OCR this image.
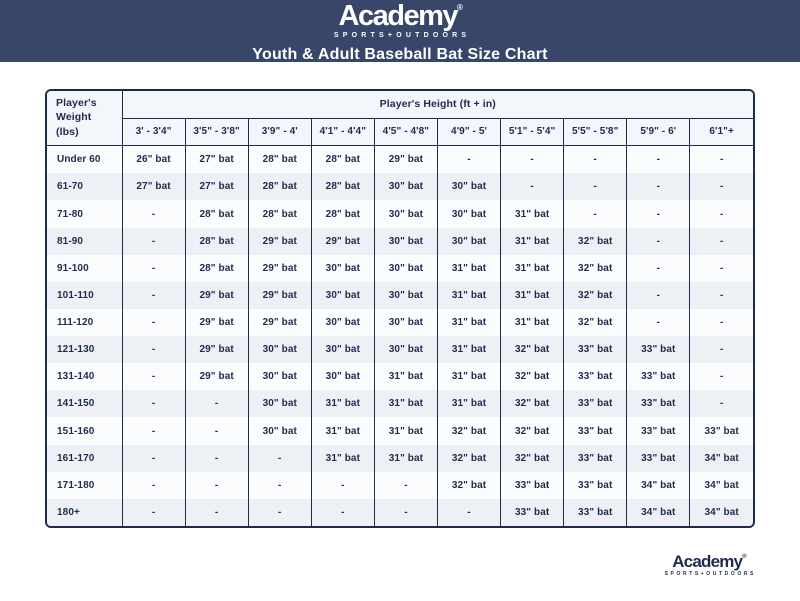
Academy®
SPORTS+OUTDOORS
Youth & Adult Baseball Bat Size Chart
Player's Weight (lbs)	Player's Height (ft + in)									
	3' - 3'4"	3'5" - 3'8"	3'9" - 4'	4'1" - 4'4"	4'5" - 4'8"	4'9" - 5'	5'1" - 5'4"	5'5" - 5'8"	5'9" - 6'	6'1"+
Under 60	26" bat	27" bat	28" bat	28" bat	29" bat	-	-	-	-	-
61-70	27" bat	27" bat	28" bat	28" bat	30" bat	30" bat	-	-	-	-
71-80	-	28" bat	28" bat	28" bat	30" bat	30" bat	31" bat	-	-	-
81-90	-	28" bat	29" bat	29" bat	30" bat	30" bat	31" bat	32" bat	-	-
91-100	-	28" bat	29" bat	30" bat	30" bat	31" bat	31" bat	32" bat	-	-
101-110	-	29" bat	29" bat	30" bat	30" bat	31" bat	31" bat	32" bat	-	-
111-120	-	29" bat	29" bat	30" bat	30" bat	31" bat	31" bat	32" bat	-	-
121-130	-	29" bat	30" bat	30" bat	30" bat	31" bat	32" bat	33" bat	33" bat	-
131-140	-	29" bat	30" bat	30" bat	31" bat	31" bat	32" bat	33" bat	33" bat	-
141-150	-	-	30" bat	31" bat	31" bat	31" bat	32" bat	33" bat	33" bat	-
151-160	-	-	30" bat	31" bat	31" bat	32" bat	32" bat	33" bat	33" bat	33" bat
161-170	-	-	-	31" bat	31" bat	32" bat	32" bat	33" bat	33" bat	34" bat
171-180	-	-	-	-	-	32" bat	33" bat	33" bat	34" bat	34" bat
180+	-	-	-	-	-	-	33" bat	33" bat	34" bat	34" bat
Academy®
SPORTS+OUTDOORS
